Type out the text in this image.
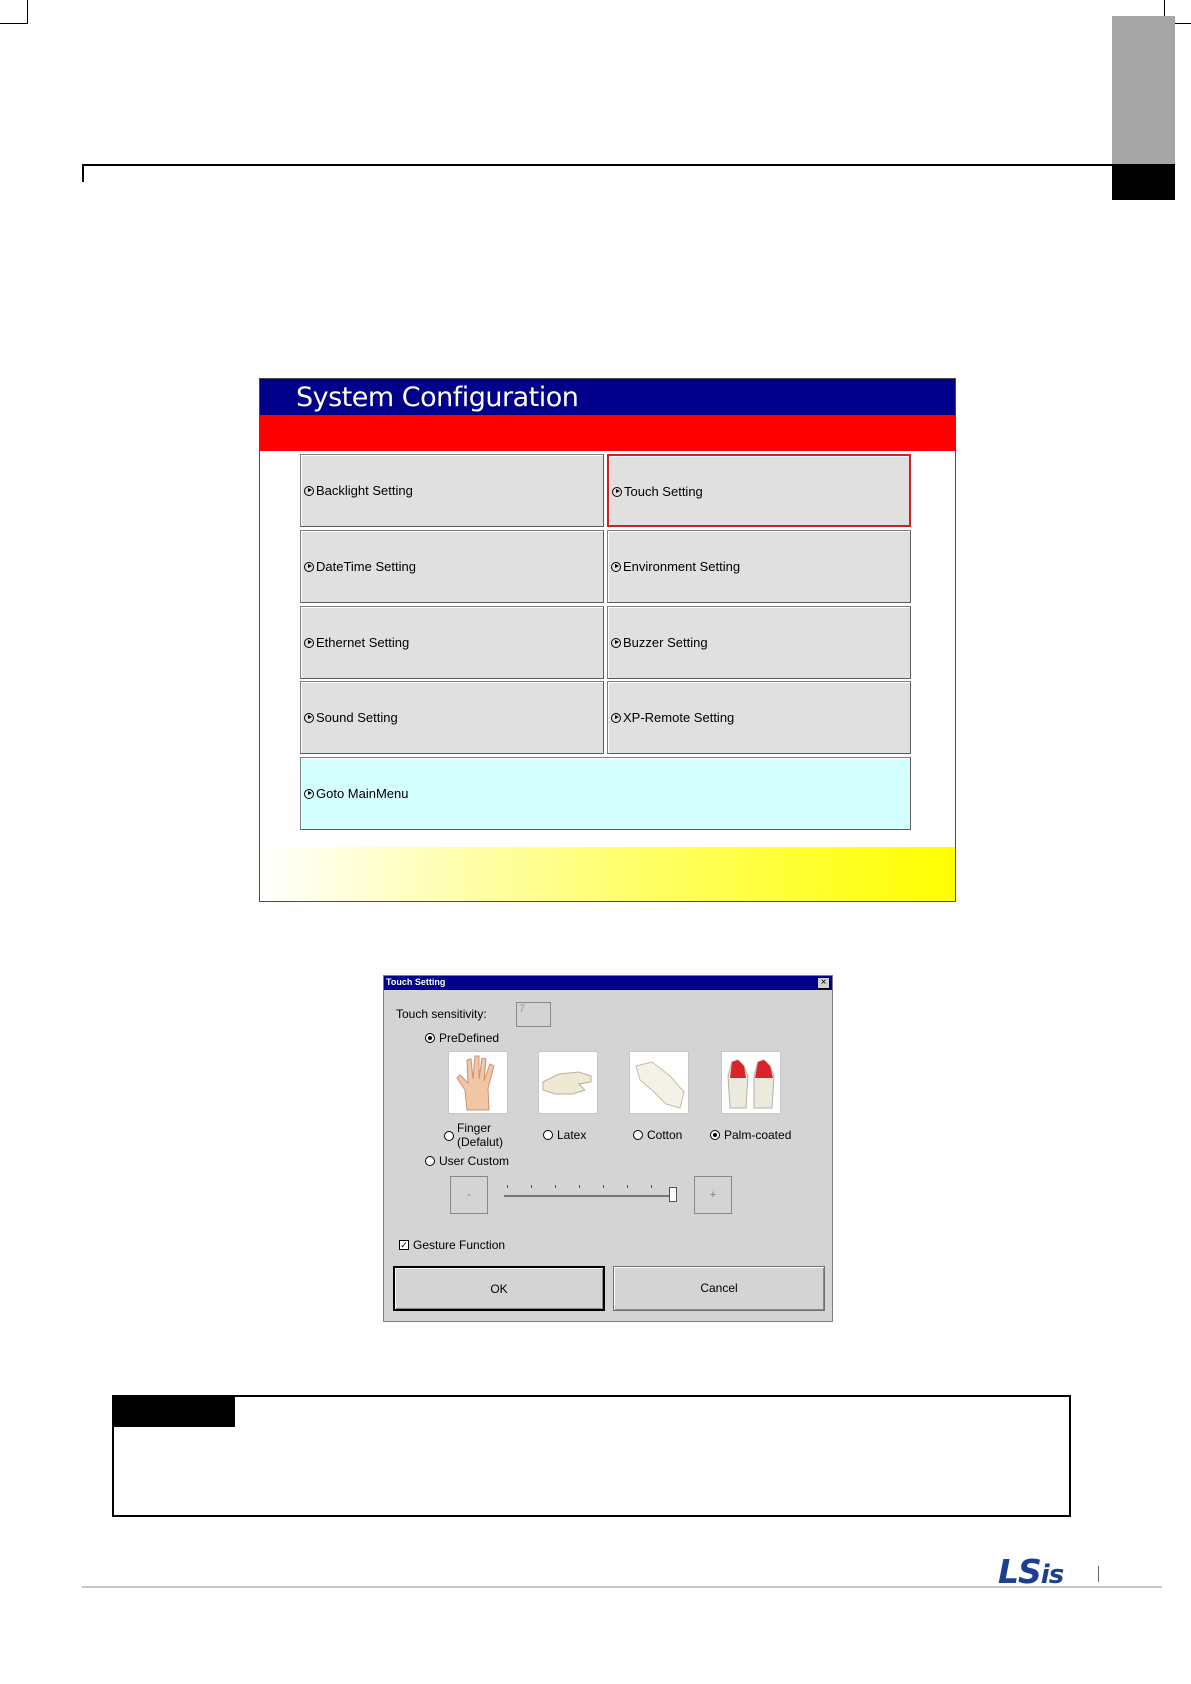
System Configuration
Backlight Setting	Touch Setting
DateTime Setting	Environment Setting
Ethernet Setting	Buzzer Setting
Sound Setting	XP-Remote Setting
Goto MainMenu
Touch Setting	×
Touch sensitivity:	7
PreDefined
Finger
(Defalut)	Latex	Cotton	Palm-coated
User Custom
-	+
✓ Gesture Function
OK	Cancel
LSis
